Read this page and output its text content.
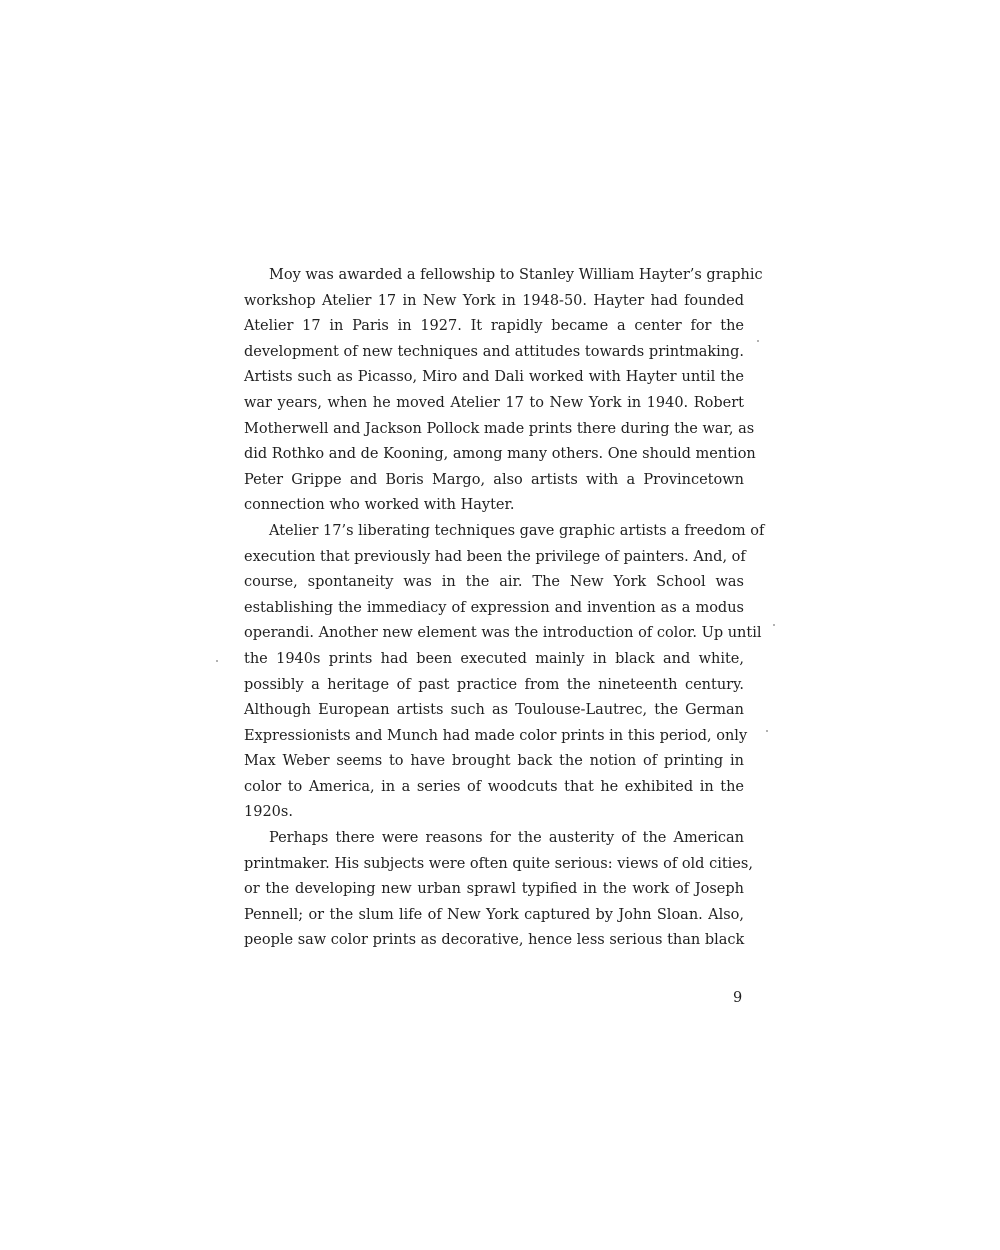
Moy was awarded a fellowship to Stanley William Hayter’s graphic
workshop Atelier 17 in New York in 1948-50. Hayter had founded
Atelier 17 in Paris in 1927. It rapidly became a center for the
development of new techniques and attitudes towards printmaking.
Artists such as Picasso, Miro and Dali worked with Hayter until the
war years, when he moved Atelier 17 to New York in 1940. Robert
Motherwell and Jackson Pollock made prints there during the war, as
did Rothko and de Kooning, among many others. One should mention
Peter Grippe and Boris Margo, also artists with a Provincetown
connection who worked with Hayter.

Atelier 17’s liberating techniques gave graphic artists a freedom of
execution that previously had been the privilege of painters. And, of
course, spontaneity was in the air. The New York School was
establishing the immediacy of expression and invention as a modus
operandi. Another new element was the introduction of color. Up until
the 1940s prints had been executed mainly in black and white,
possibly a heritage of past practice from the nineteenth century.
Although European artists such as Toulouse-Lautrec, the German
Expressionists and Munch had made color prints in this period, only
Max Weber seems to have brought back the notion of printing in
color to America, in a series of woodcuts that he exhibited in the
1920s.

Perhaps there were reasons for the austerity of the American
printmaker. His subjects were often quite serious: views of old cities,
or the developing new urban sprawl typified in the work of Joseph
Pennell; or the slum life of New York captured by John Sloan. Also,
people saw color prints as decorative, hence less serious than black

9
